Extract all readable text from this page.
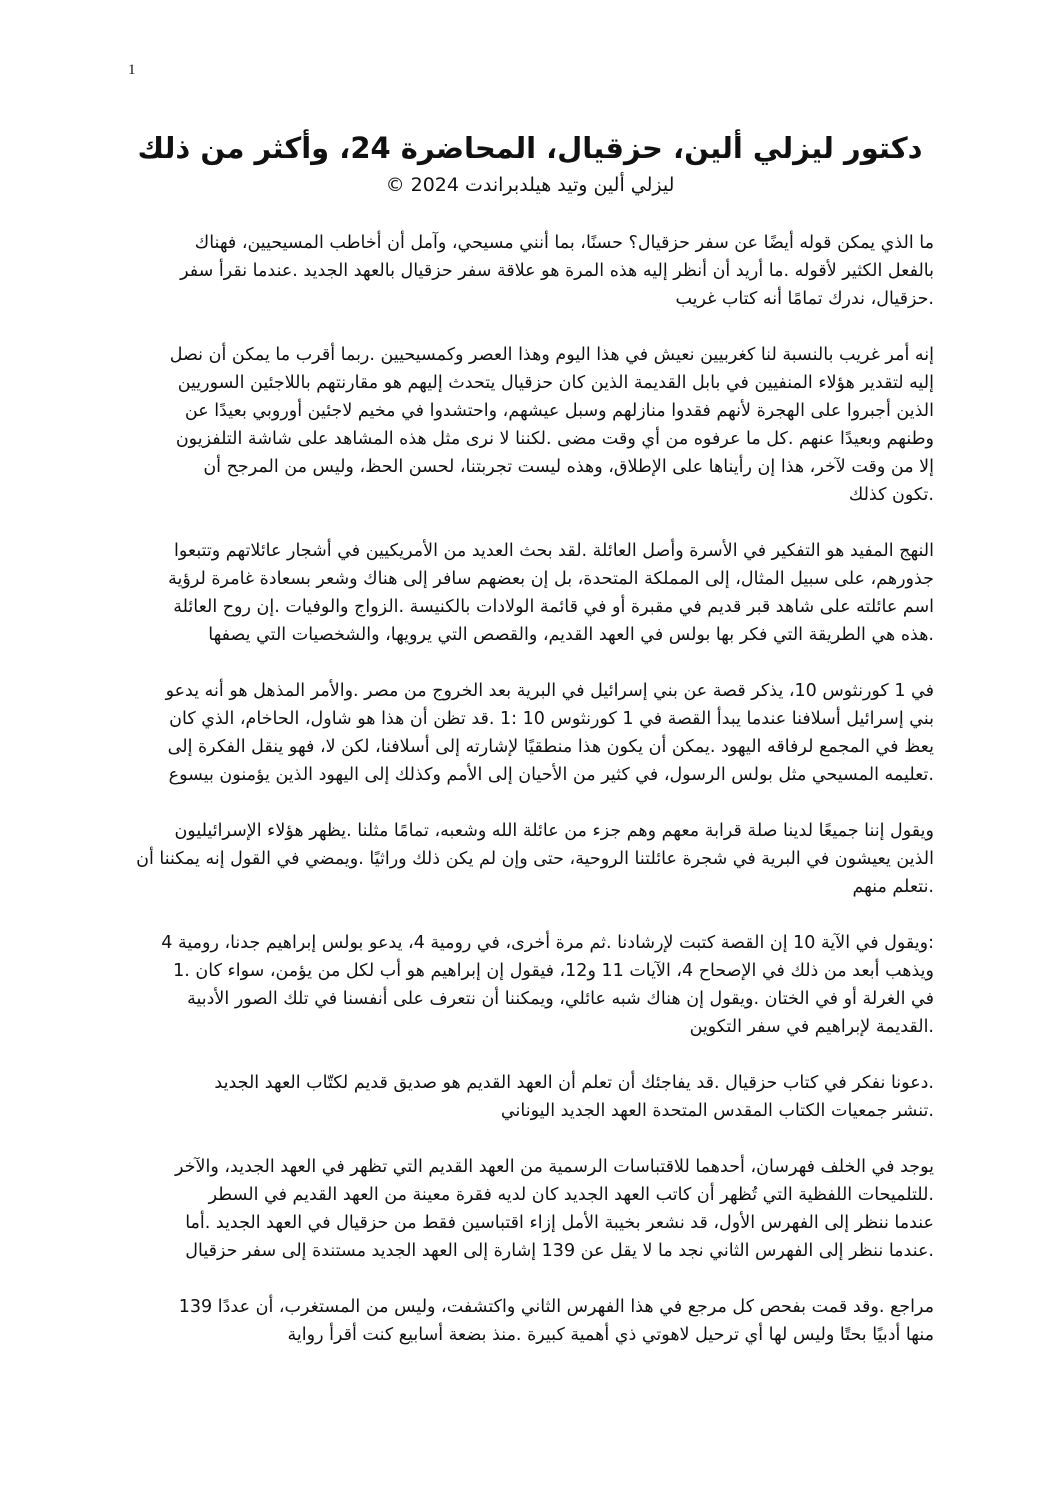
1
دكتور ليزلي ألين، حزقيال، المحاضرة 24، وأكثر من ذلك
ليزلي ألين وتيد هيلدبراندت 2024 ©
ما الذي يمكن قوله أيضًا عن سفر حزقيال؟ حسنًا، بما أنني مسيحي، وآمل أن أخاطب المسيحيين، فهناك
بالفعل الكثير لأقوله .ما أريد أن أنظر إليه هذه المرة هو علاقة سفر حزقيال بالعهد الجديد .عندما نقرأ سفر
.حزقيال، ندرك تمامًا أنه كتاب غريب
إنه أمر غريب بالنسبة لنا كغربيين نعيش في هذا اليوم وهذا العصر وكمسيحيين .ربما أقرب ما يمكن أن نصل
إليه لتقدير هؤلاء المنفيين في بابل القديمة الذين كان حزقيال يتحدث إليهم هو مقارنتهم باللاجئين السوريين
الذين أجبروا على الهجرة لأنهم فقدوا منازلهم وسبل عيشهم، واحتشدوا في مخيم لاجئين أوروبي بعيدًا عن
وطنهم وبعيدًا عنهم .كل ما عرفوه من أي وقت مضى .لكننا لا نرى مثل هذه المشاهد على شاشة التلفزيون
إلا من وقت لآخر، هذا إن رأيناها على الإطلاق، وهذه ليست تجربتنا، لحسن الحظ، وليس من المرجح أن
.تكون كذلك
النهج المفيد هو التفكير في الأسرة وأصل العائلة .لقد بحث العديد من الأمريكيين في أشجار عائلاتهم وتتبعوا
جذورهم، على سبيل المثال، إلى المملكة المتحدة، بل إن بعضهم سافر إلى هناك وشعر بسعادة غامرة لرؤية
اسم عائلته على شاهد قبر قديم في مقبرة أو في قائمة الولادات بالكنيسة .الزواج والوفيات .إن روح العائلة
.هذه هي الطريقة التي فكر بها بولس في العهد القديم، والقصص التي يرويها، والشخصيات التي يصفها
في 1 كورنثوس 10، يذكر قصة عن بني إسرائيل في البرية بعد الخروج من مصر .والأمر المذهل هو أنه يدعو
بني إسرائيل أسلافنا عندما يبدأ القصة في 1 كورنثوس 10 :1 .قد تظن أن هذا هو شاول، الحاخام، الذي كان
يعظ في المجمع لرفاقه اليهود .يمكن أن يكون هذا منطقيًا لإشارته إلى أسلافنا، لكن لا، فهو ينقل الفكرة إلى
.تعليمه المسيحي مثل بولس الرسول، في كثير من الأحيان إلى الأمم وكذلك إلى اليهود الذين يؤمنون بيسوع
ويقول إننا جميعًا لدينا صلة قرابة معهم وهم جزء من عائلة الله وشعبه، تمامًا مثلنا .يظهر هؤلاء الإسرائيليون
الذين يعيشون في البرية في شجرة عائلتنا الروحية، حتى وإن لم يكن ذلك وراثيًا .ويمضي في القول إنه يمكننا أن
.نتعلم منهم
:ويقول في الآية 10 إن القصة كتبت لإرشادنا .ثم مرة أخرى، في رومية 4، يدعو بولس إبراهيم جدنا، رومية 4
ويذهب أبعد من ذلك في الإصحاح 4، الآيات 11 و12، فيقول إن إبراهيم هو أب لكل من يؤمن، سواء كان .1
في الغرلة أو في الختان .ويقول إن هناك شبه عائلي، ويمكننا أن نتعرف على أنفسنا في تلك الصور الأدبية
.القديمة لإبراهيم في سفر التكوين
.دعونا نفكر في كتاب حزقيال .قد يفاجئك أن تعلم أن العهد القديم هو صديق قديم لكتّاب العهد الجديد
.تنشر جمعيات الكتاب المقدس المتحدة العهد الجديد اليوناني
يوجد في الخلف فهرسان، أحدهما للاقتباسات الرسمية من العهد القديم التي تظهر في العهد الجديد، والآخر
.للتلميحات اللفظية التي تُظهر أن كاتب العهد الجديد كان لديه فقرة معينة من العهد القديم في السطر
عندما ننظر إلى الفهرس الأول، قد نشعر بخيبة الأمل إزاء اقتباسين فقط من حزقيال في العهد الجديد .أما
.عندما ننظر إلى الفهرس الثاني نجد ما لا يقل عن 139 إشارة إلى العهد الجديد مستندة إلى سفر حزقيال
مراجع .وقد قمت بفحص كل مرجع في هذا الفهرس الثاني واكتشفت، وليس من المستغرب، أن عددًا 139
منها أدبيًا بحتًا وليس لها أي ترحيل لاهوتي ذي أهمية كبيرة .منذ بضعة أسابيع كنت أقرأ رواية
